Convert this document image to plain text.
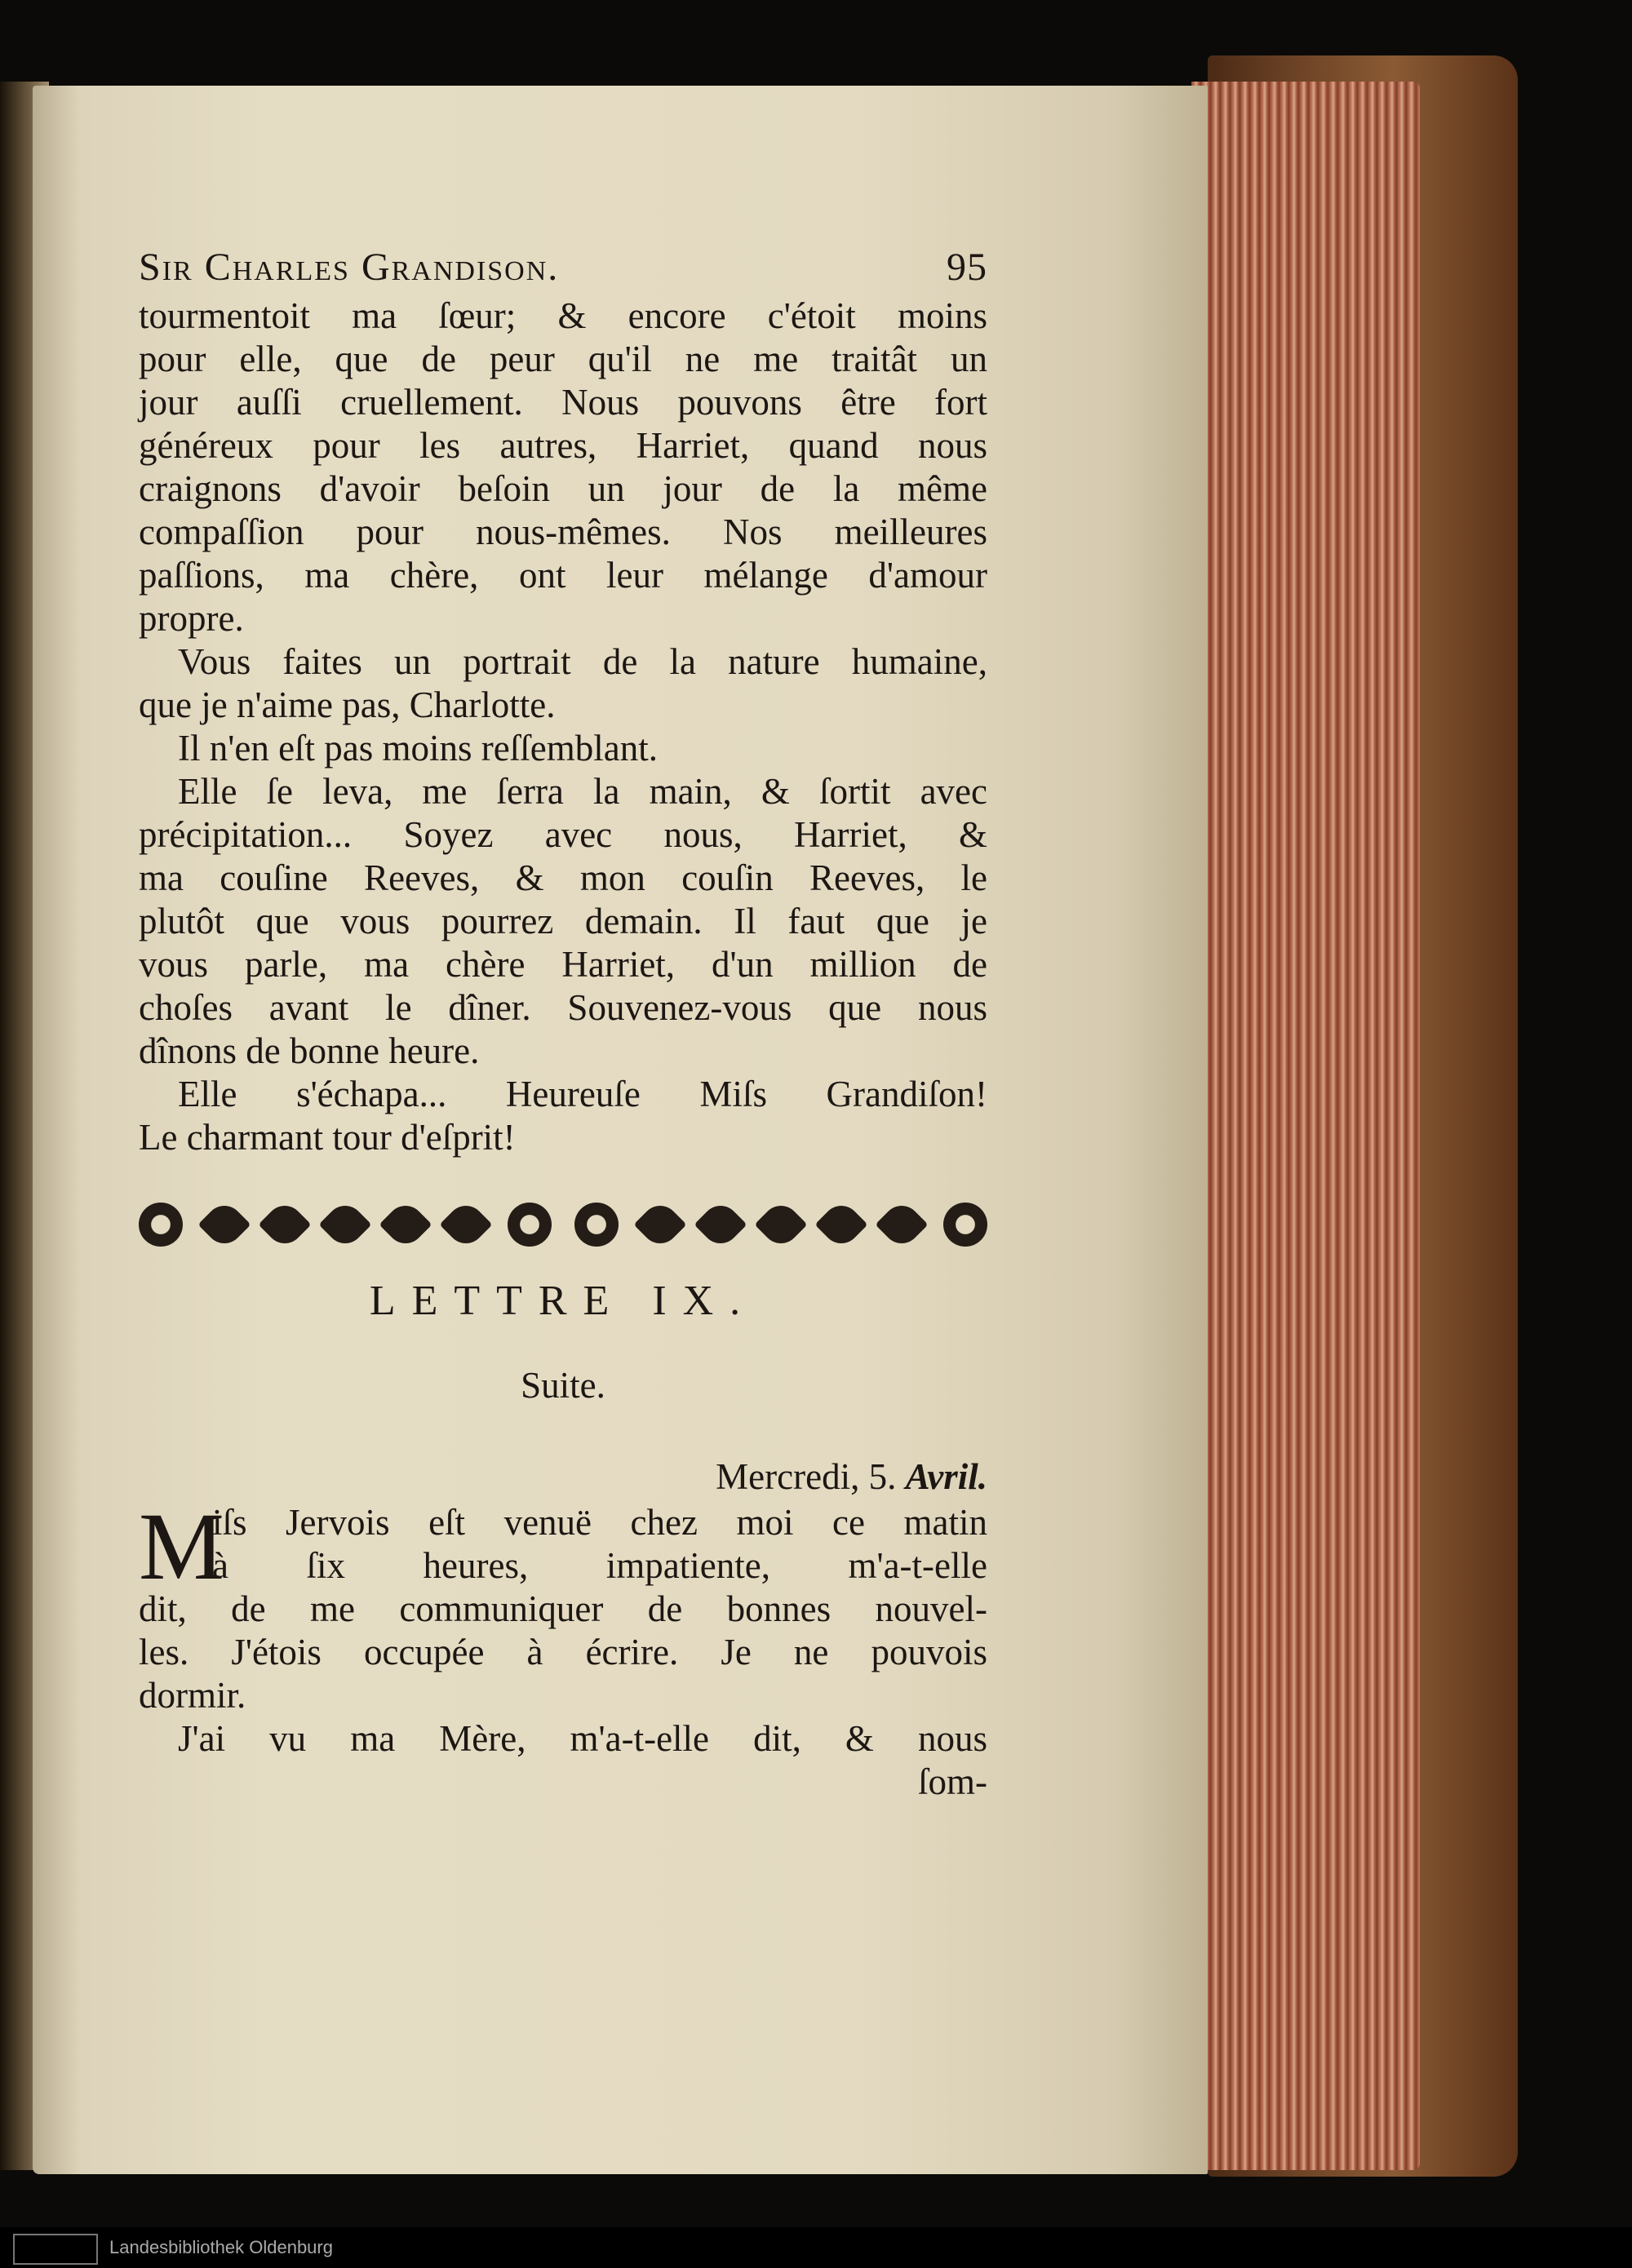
Sir Charles Grandison.	95
tourmentoit ma ſœur; & encore c'étoit moins
pour elle, que de peur qu'il ne me traitât un
jour auſſi cruellement. Nous pouvons être fort
généreux pour les autres, Harriet, quand nous
craignons d'avoir beſoin un jour de la même
compaſſion pour nous-mêmes. Nos meilleures
paſſions, ma chère, ont leur mélange d'amour
propre.
Vous faites un portrait de la nature humaine,
que je n'aime pas, Charlotte.
Il n'en eſt pas moins reſſemblant.
Elle ſe leva, me ſerra la main, & ſortit avec
précipitation... Soyez avec nous, Harriet, &
ma couſine Reeves, & mon couſin Reeves, le
plutôt que vous pourrez demain. Il faut que je
vous parle, ma chère Harriet, d'un million de
choſes avant le dîner. Souvenez-vous que nous
dînons de bonne heure.
Elle s'échapa... Heureuſe Miſs Grandiſon!
Le charmant tour d'eſprit!
LETTRE IX.
Suite.
Mercredi, 5. Avril.
M
iſs Jervois eſt venuë chez moi ce matin
à ſix heures, impatiente, m'a-t-elle
dit, de me communiquer de bonnes nouvel-
les. J'étois occupée à écrire. Je ne pouvois
dormir.
J'ai vu ma Mère, m'a-t-elle dit, & nous
ſom-
Landesbibliothek Oldenburg
